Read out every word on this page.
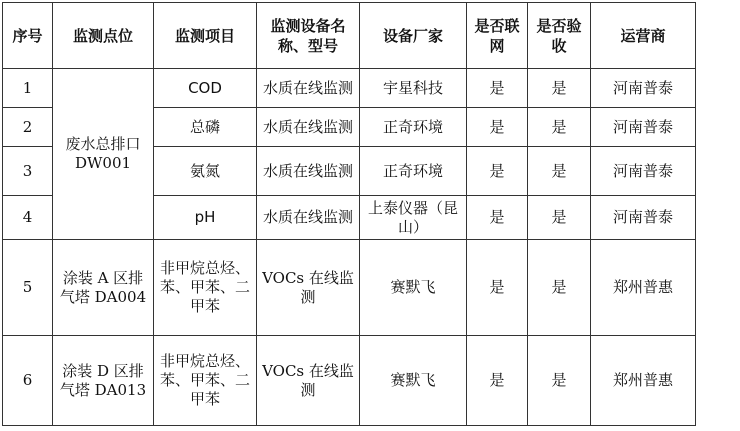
序号	监测点位	监测项目	监测设备名称、型号	设备厂家	是否联网	是否验收	运营商
1	废水总排口 DW001	COD	水质在线监测	宇星科技	是	是	河南普泰
2		总磷	水质在线监测	正奇环境	是	是	河南普泰
3		氨氮	水质在线监测	正奇环境	是	是	河南普泰
4		pH	水质在线监测	上泰仪器（昆山）	是	是	河南普泰
5	涂装 A 区排气塔 DA004	非甲烷总烃、苯、甲苯、二甲苯	VOCs 在线监测	赛默飞	是	是	郑州普惠
6	涂装 D 区排气塔 DA013	非甲烷总烃、苯、甲苯、二甲苯	VOCs 在线监测	赛默飞	是	是	郑州普惠
